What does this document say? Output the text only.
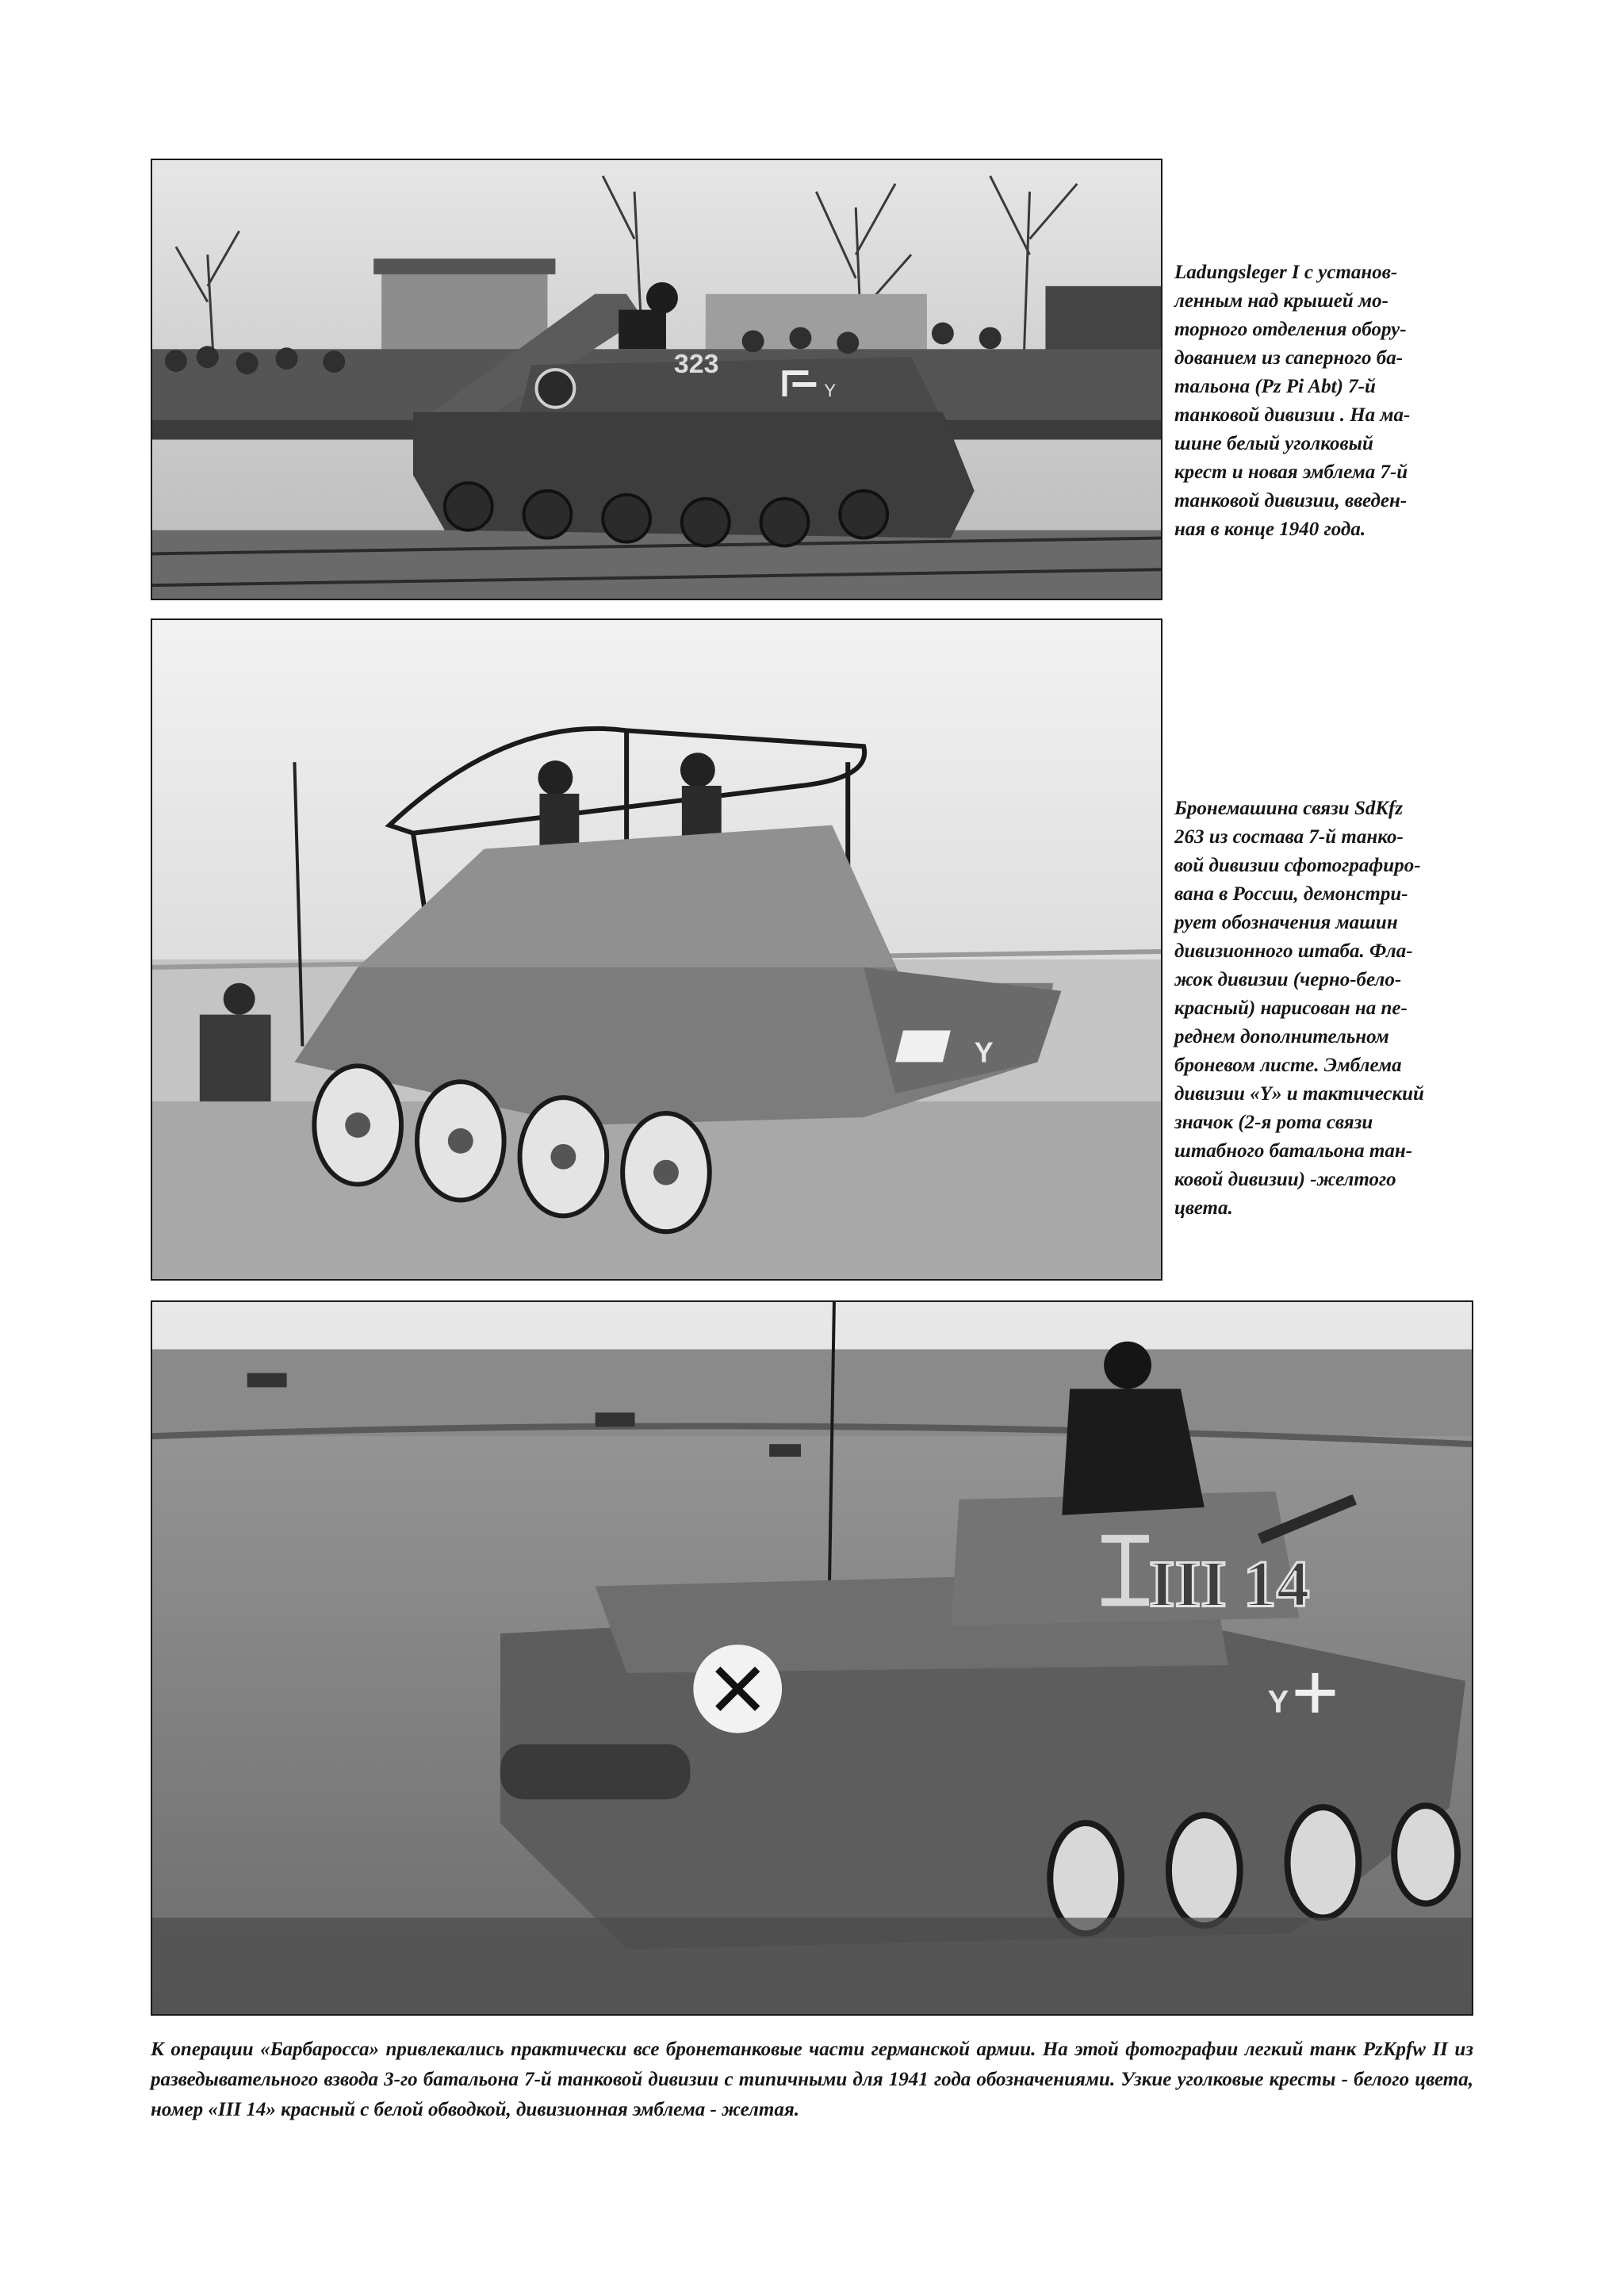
323
Y

Ladungsleger I с установ-
ленным над крышей мо-
торного отделения обору-
дованием из саперного ба-
тальона (Pz Pi Abt) 7-й
танковой дивизии . На ма-
шине белый уголковый
крест и новая эмблема 7-й
танковой дивизии, введен-
ная в конце 1940 года.

Y

Бронемашина связи SdKfz
263 из состава 7-й танко-
вой дивизии сфотографиро-
вана в России, демонстри-
рует обозначения машин
дивизионного штаба. Фла-
жок дивизии (черно-бело-
красный) нарисован на пе-
реднем дополнительном
броневом листе. Эмблема
дивизии «Y» и тактический
значок (2-я рота связи
штабного батальона тан-
ковой дивизии) -желтого
цвета.

III 14
Y

К операции «Барбаросса» привлекались практически все бронетанковые части германской армии. На этой фотографии легкий танк PzKpfw II из разведывательного взвода 3-го батальона 7-й танковой дивизии с типичными для 1941 года обозначениями. Узкие уголковые кресты - белого цвета, номер «III 14» красный с белой обводкой, дивизионная эмблема - желтая.
